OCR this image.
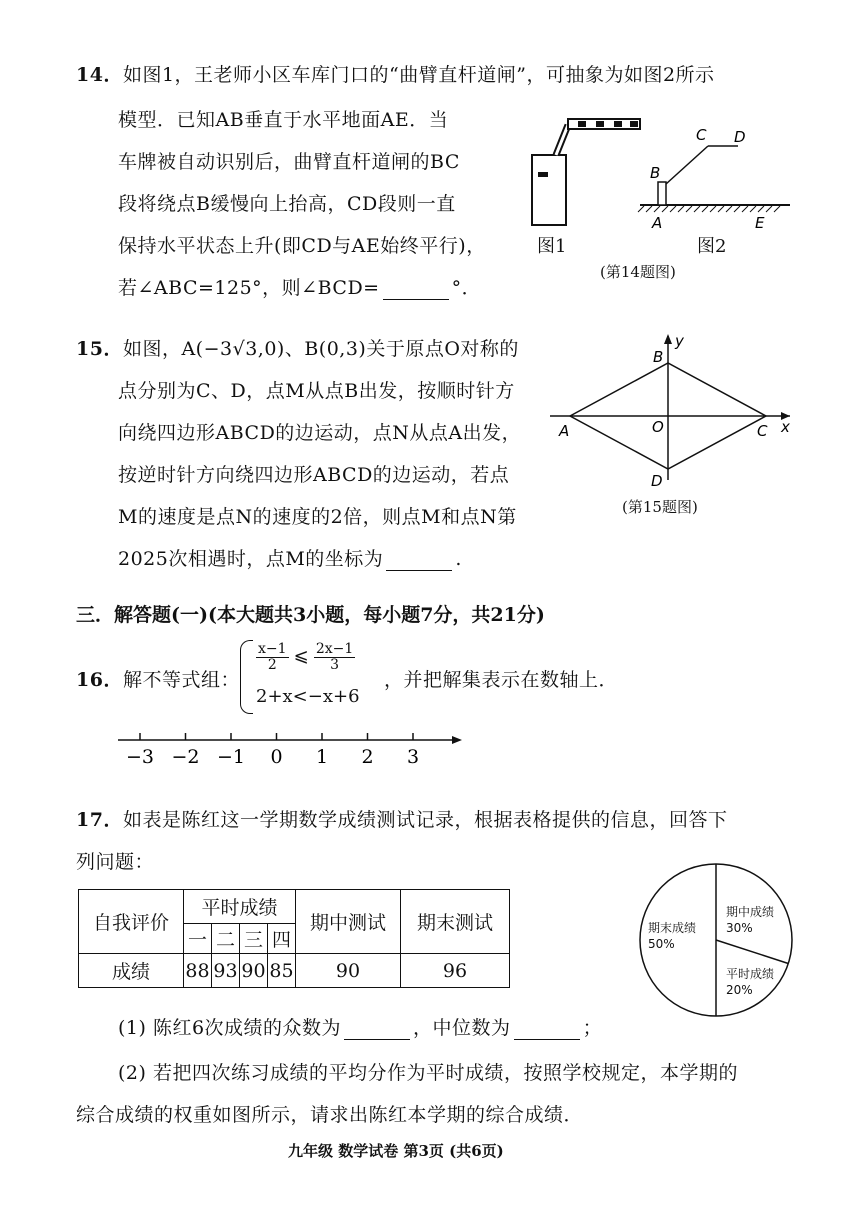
14．如图1，王老师小区车库门口的“曲臂直杆道闸”，可抽象为如图2所示
模型．已知AB垂直于水平地面AE．当
车牌被自动识别后，曲臂直杆道闸的BC
段将绕点B缓慢向上抬高，CD段则一直
保持水平状态上升(即CD与AE始终平行)，
若∠ABC=125°，则∠BCD=	°．
图1
B
C D
A	E
图2
(第14题图)
15．如图，A(−3√3,0)、B(0,3)关于原点O对称的
点分别为C、D，点M从点B出发，按顺时针方
向绕四边形ABCD的边运动，点N从点A出发，
按逆时针方向绕四边形ABCD的边运动，若点
M的速度是点N的速度的2倍，则点M和点N第
2025次相遇时，点M的坐标为	.
A
B
C
D
O	x
y
(第15题图)
三．解答题(一)(本大题共3小题，每小题7分，共21分)
16．解不等式组：
$\frac{x-1}{2}$ ⩽ $\frac{2x-1}{3}$
2+x<−x+6
，并把解集表示在数轴上．
−3 −2 −1 0 1 2 3
17．如表是陈红这一学期数学成绩测试记录，根据表格提供的信息，回答下
列问题：
自我评价	平时成绩				期中测试	期末测试
	一	二	三	四		
成绩	88	93	90	85	90	96
期末成绩
50%
期中成绩
30%
平时成绩
20%
(1) 陈红6次成绩的众数为	，中位数为	；
(2) 若把四次练习成绩的平均分作为平时成绩，按照学校规定，本学期的
综合成绩的权重如图所示，请求出陈红本学期的综合成绩．
九年级 数学试卷 第3页 (共6页)
